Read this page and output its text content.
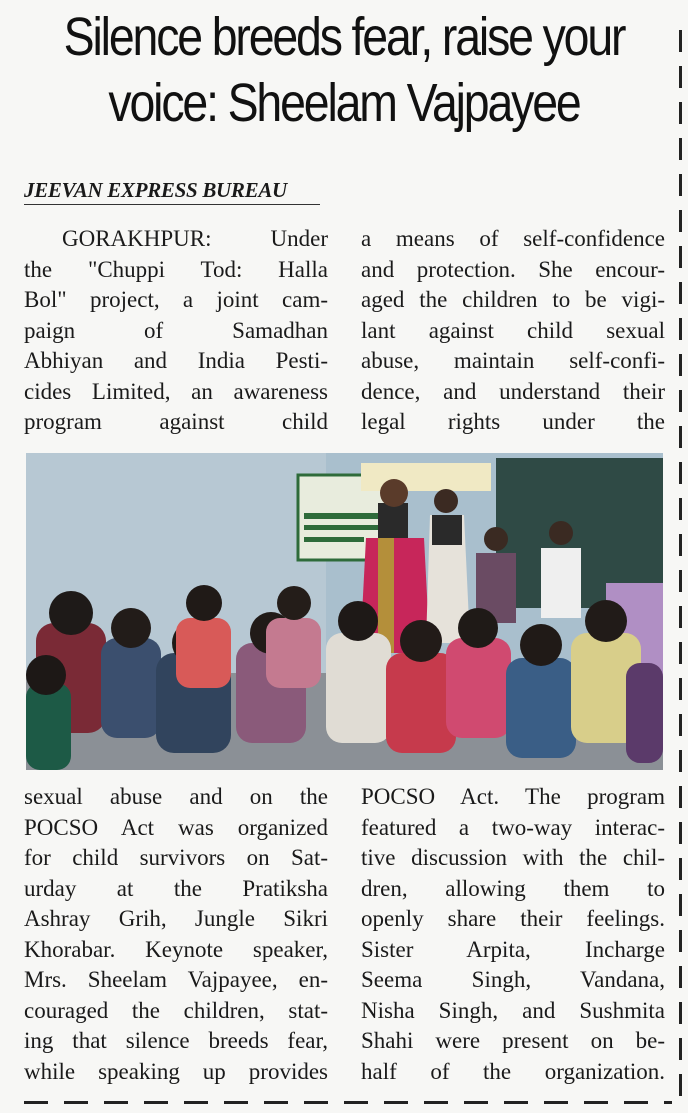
Silence breeds fear, raise your
voice: Sheelam Vajpayee
JEEVAN EXPRESS BUREAU
GORAKHPUR: Under
the "Chuppi Tod: Halla
Bol" project, a joint cam-
paign of Samadhan
Abhiyan and India Pesti-
cides Limited, an awareness
program against child
a means of self-confidence
and protection. She encour-
aged the children to be vigi-
lant against child sexual
abuse, maintain self-confi-
dence, and understand their
legal rights under the
sexual abuse and on the
POCSO Act was organized
for child survivors on Sat-
urday at the Pratiksha
Ashray Grih, Jungle Sikri
Khorabar. Keynote speaker,
Mrs. Sheelam Vajpayee, en-
couraged the children, stat-
ing that silence breeds fear,
while speaking up provides
POCSO Act. The program
featured a two-way interac-
tive discussion with the chil-
dren, allowing them to
openly share their feelings.
Sister Arpita, Incharge
Seema Singh, Vandana,
Nisha Singh, and Sushmita
Shahi were present on be-
half of the organization.
